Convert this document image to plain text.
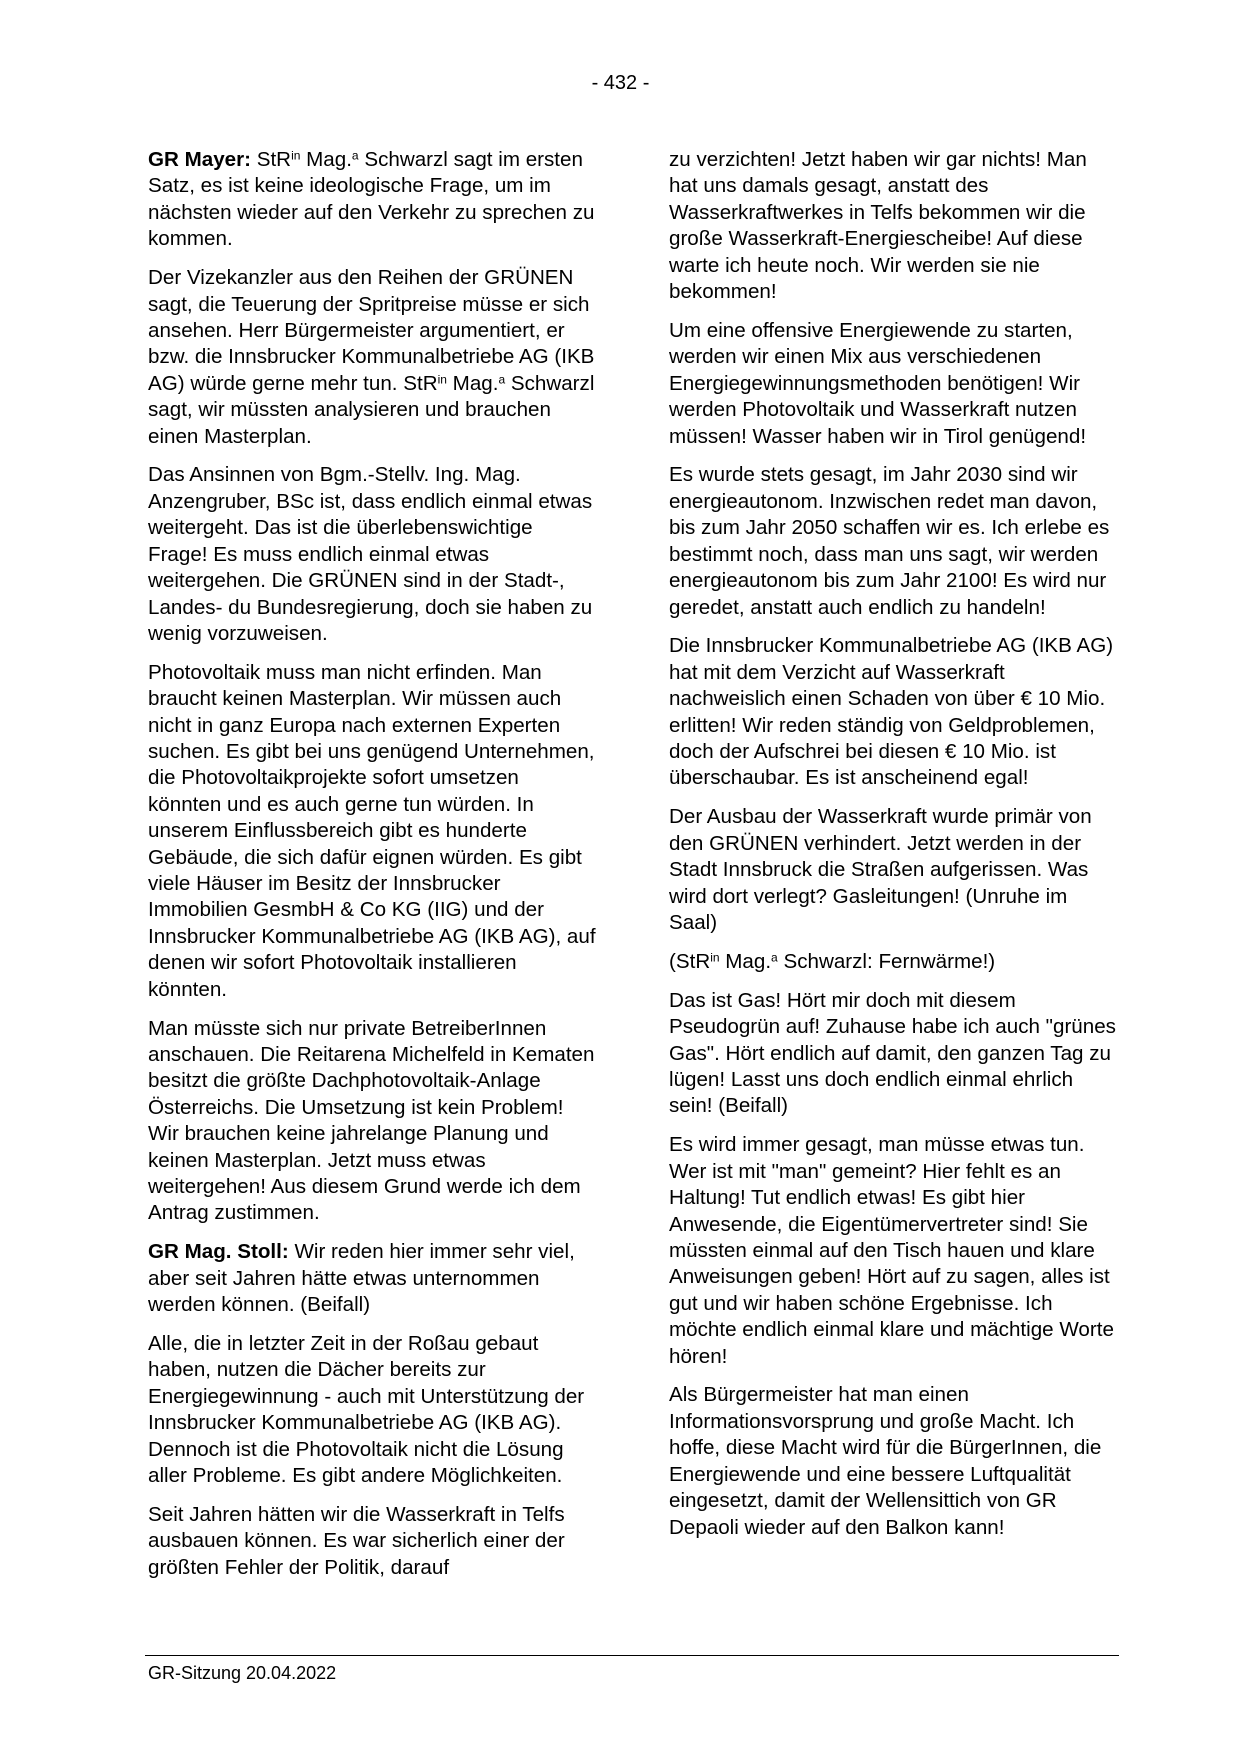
- 432 -

GR Mayer: StR$^{in}$ Mag.$^a$ Schwarzl sagt im ersten Satz, es ist keine ideologische Frage, um im nächsten wieder auf den Verkehr zu sprechen zu kommen.

Der Vizekanzler aus den Reihen der GRÜNEN sagt, die Teuerung der Spritpreise müsse er sich ansehen. Herr Bürgermeister argumentiert, er bzw. die Innsbrucker Kommunalbetriebe AG (IKB AG) würde gerne mehr tun. StR$^{in}$ Mag.$^a$ Schwarzl sagt, wir müssten analysieren und brauchen einen Masterplan.

Das Ansinnen von Bgm.-Stellv. Ing. Mag. Anzengruber, BSc ist, dass endlich einmal etwas weitergeht. Das ist die überlebenswichtige Frage! Es muss endlich einmal etwas weitergehen. Die GRÜNEN sind in der Stadt-, Landes- du Bundesregierung, doch sie haben zu wenig vorzuweisen.

Photovoltaik muss man nicht erfinden. Man braucht keinen Masterplan. Wir müssen auch nicht in ganz Europa nach externen Experten suchen. Es gibt bei uns genügend Unternehmen, die Photovoltaikprojekte sofort umsetzen könnten und es auch gerne tun würden. In unserem Einflussbereich gibt es hunderte Gebäude, die sich dafür eignen würden. Es gibt viele Häuser im Besitz der Innsbrucker Immobilien GesmbH & Co KG (IIG) und der Innsbrucker Kommunalbetriebe AG (IKB AG), auf denen wir sofort Photovoltaik installieren könnten.

Man müsste sich nur private BetreiberInnen anschauen. Die Reitarena Michelfeld in Kematen besitzt die größte Dachphotovoltaik-Anlage Österreichs. Die Umsetzung ist kein Problem! Wir brauchen keine jahrelange Planung und keinen Masterplan. Jetzt muss etwas weitergehen! Aus diesem Grund werde ich dem Antrag zustimmen.

GR Mag. Stoll: Wir reden hier immer sehr viel, aber seit Jahren hätte etwas unternommen werden können. (Beifall)

Alle, die in letzter Zeit in der Roßau gebaut haben, nutzen die Dächer bereits zur Energiegewinnung - auch mit Unterstützung der Innsbrucker Kommunalbetriebe AG (IKB AG). Dennoch ist die Photovoltaik nicht die Lösung aller Probleme. Es gibt andere Möglichkeiten.

Seit Jahren hätten wir die Wasserkraft in Telfs ausbauen können. Es war sicherlich einer der größten Fehler der Politik, darauf

zu verzichten! Jetzt haben wir gar nichts! Man hat uns damals gesagt, anstatt des Wasserkraftwerkes in Telfs bekommen wir die große Wasserkraft-Energiescheibe! Auf diese warte ich heute noch. Wir werden sie nie bekommen!

Um eine offensive Energiewende zu starten, werden wir einen Mix aus verschiedenen Energiegewinnungsmethoden benötigen! Wir werden Photovoltaik und Wasserkraft nutzen müssen! Wasser haben wir in Tirol genügend!

Es wurde stets gesagt, im Jahr 2030 sind wir energieautonom. Inzwischen redet man davon, bis zum Jahr 2050 schaffen wir es. Ich erlebe es bestimmt noch, dass man uns sagt, wir werden energieautonom bis zum Jahr 2100! Es wird nur geredet, anstatt auch endlich zu handeln!

Die Innsbrucker Kommunalbetriebe AG (IKB AG) hat mit dem Verzicht auf Wasserkraft nachweislich einen Schaden von über € 10 Mio. erlitten! Wir reden ständig von Geldproblemen, doch der Aufschrei bei diesen € 10 Mio. ist überschaubar. Es ist anscheinend egal!

Der Ausbau der Wasserkraft wurde primär von den GRÜNEN verhindert. Jetzt werden in der Stadt Innsbruck die Straßen aufgerissen. Was wird dort verlegt? Gasleitungen! (Unruhe im Saal)

(StR$^{in}$ Mag.$^a$ Schwarzl: Fernwärme!)

Das ist Gas! Hört mir doch mit diesem Pseudogrün auf! Zuhause habe ich auch "grünes Gas". Hört endlich auf damit, den ganzen Tag zu lügen! Lasst uns doch endlich einmal ehrlich sein! (Beifall)

Es wird immer gesagt, man müsse etwas tun. Wer ist mit "man" gemeint? Hier fehlt es an Haltung! Tut endlich etwas! Es gibt hier Anwesende, die Eigentümervertreter sind! Sie müssten einmal auf den Tisch hauen und klare Anweisungen geben! Hört auf zu sagen, alles ist gut und wir haben schöne Ergebnisse. Ich möchte endlich einmal klare und mächtige Worte hören!

Als Bürgermeister hat man einen Informationsvorsprung und große Macht. Ich hoffe, diese Macht wird für die BürgerInnen, die Energiewende und eine bessere Luftqualität eingesetzt, damit der Wellensittich von GR Depaoli wieder auf den Balkon kann!

GR-Sitzung 20.04.2022
